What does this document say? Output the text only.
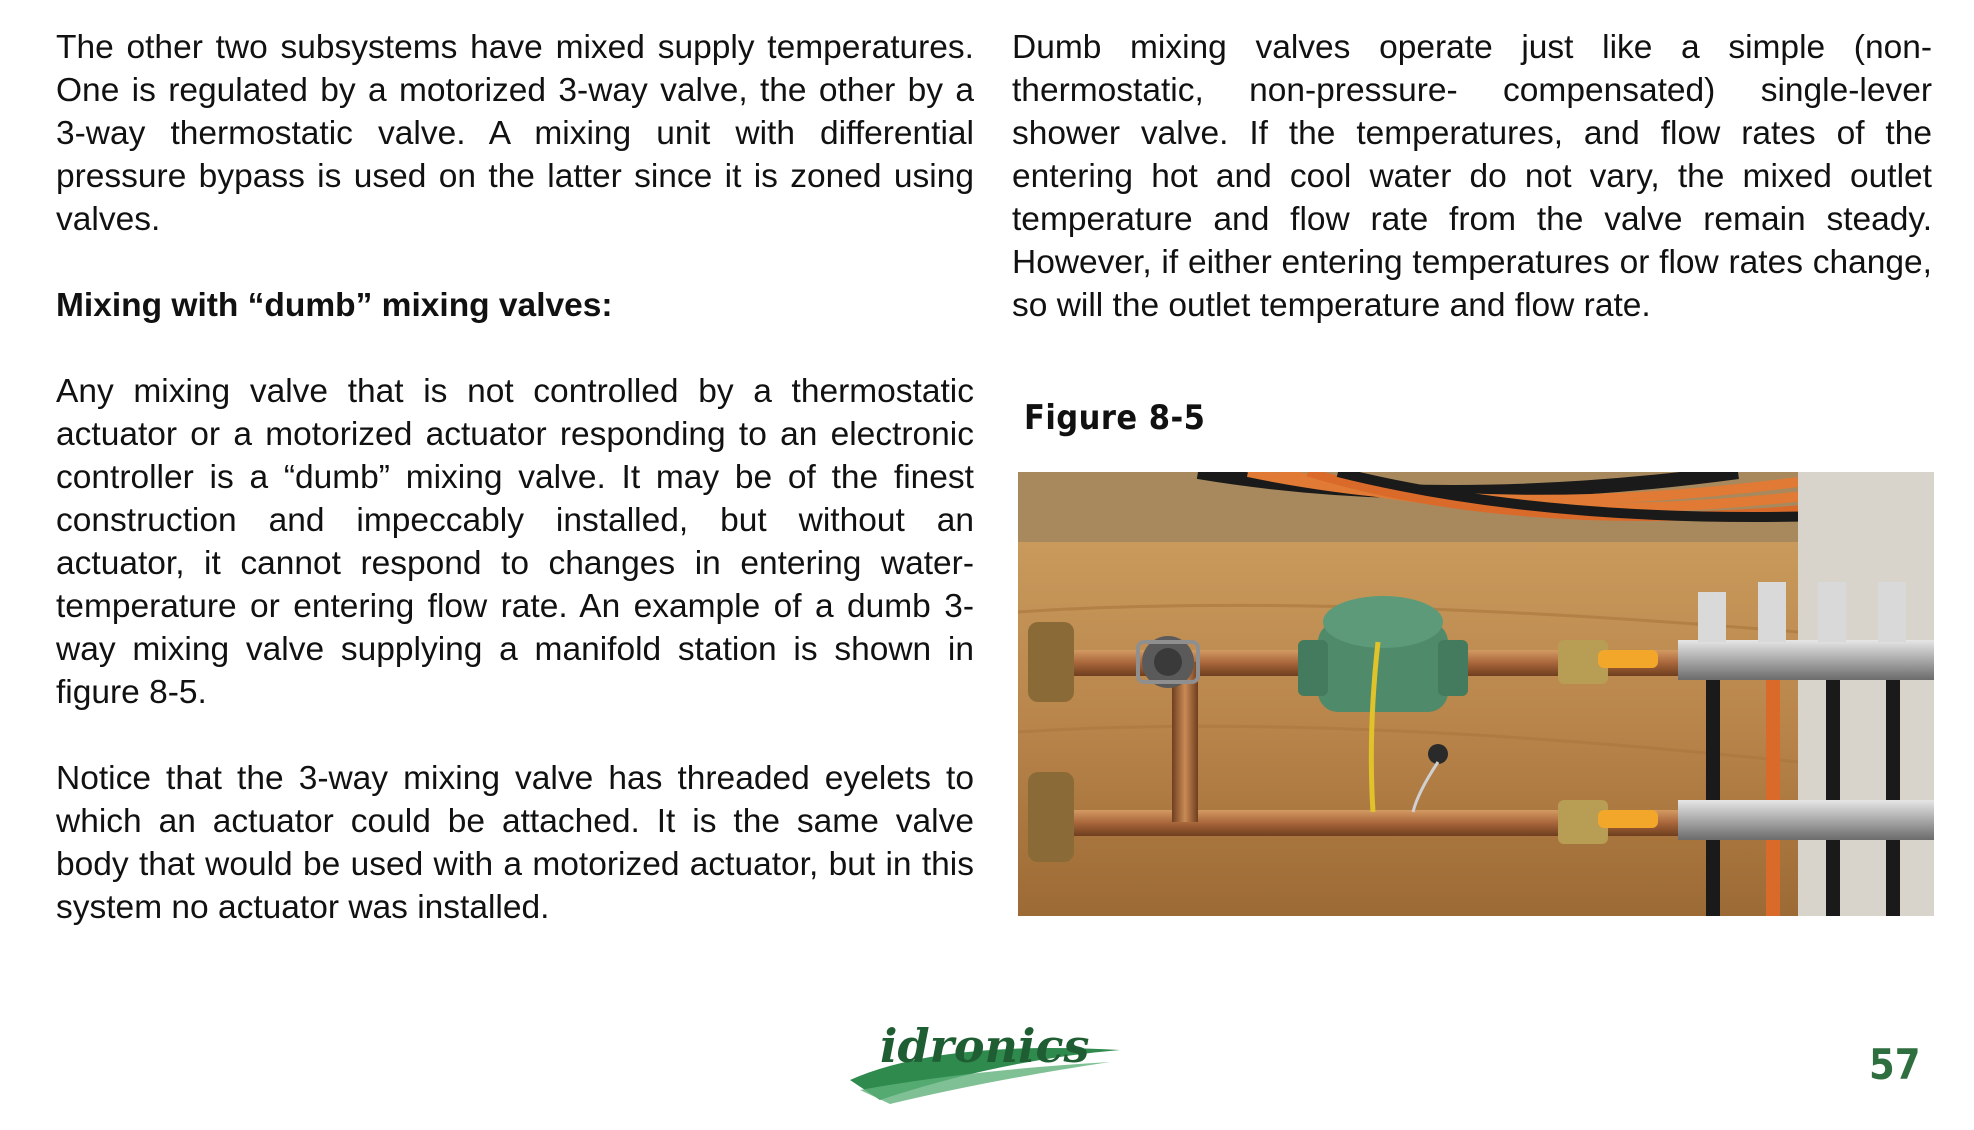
The other two subsystems have mixed supply temperatures. One is regulated by a motorized 3-way valve, the other by a 3-way thermostatic valve. A mixing unit with differential pressure bypass is used on the latter since it is zoned using valves.

Mixing with “dumb” mixing valves:

Any mixing valve that is not controlled by a thermostatic actuator or a motorized actuator responding to an electronic controller is a “dumb” mixing valve. It may be of the finest construction and impeccably installed, but without an actuator, it cannot respond to changes in entering water-temperature or entering flow rate. An example of a dumb 3-way mixing valve supplying a manifold station is shown in figure 8-5.

Notice that the 3-way mixing valve has threaded eyelets to which an actuator could be attached. It is the same valve body that would be used with a motorized actuator, but in this system no actuator was installed.

Dumb mixing valves operate just like a simple (non-thermostatic, non-pressure- compensated) single-lever shower valve. If the temperatures, and flow rates of the entering hot and cool water do not vary, the mixed outlet temperature and flow rate from the valve remain steady. However, if either entering temperatures or flow rates change, so will the outlet temperature and flow rate.

Figure 8-5
idronics	57
